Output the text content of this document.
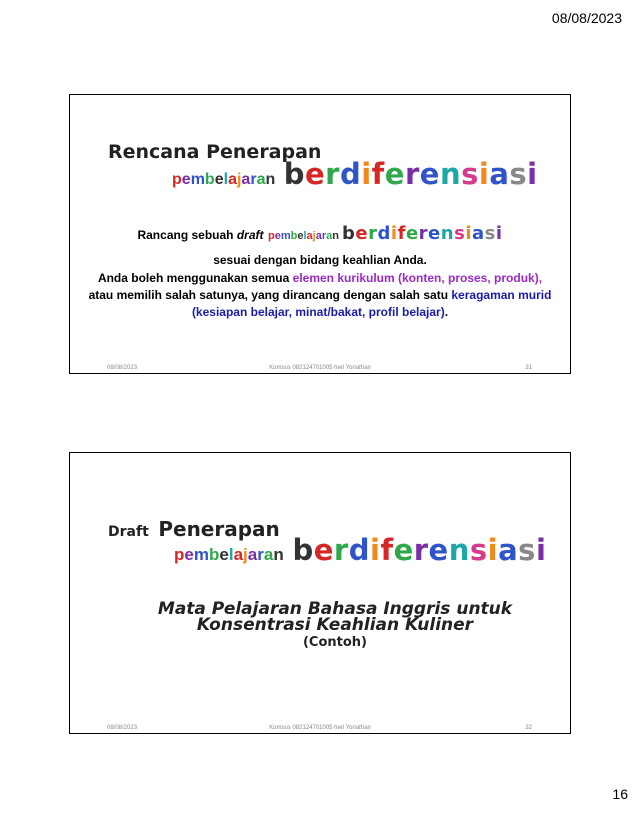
08/08/2023
Rencana Penerapan
pembelajaran berdiferensiasi
Rancang sebuah draft pembelajaran berdiferensiasi
sesuai dengan bidang keahlian Anda.
Anda boleh menggunakan semua elemen kurikulum (konten, proses, produk), atau memilih salah satunya, yang dirancang dengan salah satu keragaman murid (kesiapan belajar, minat/bakat, profil belajar).
08/08/2023	Komsus 082124701005 heri Yonathan	31
Draft Penerapan
pembelajaran berdiferensiasi
Mata Pelajaran Bahasa Inggris untuk
Konsentrasi Keahlian Kuliner
(Contoh)
08/08/2023	Komsus 082124701005 heri Yonathan	32
16
